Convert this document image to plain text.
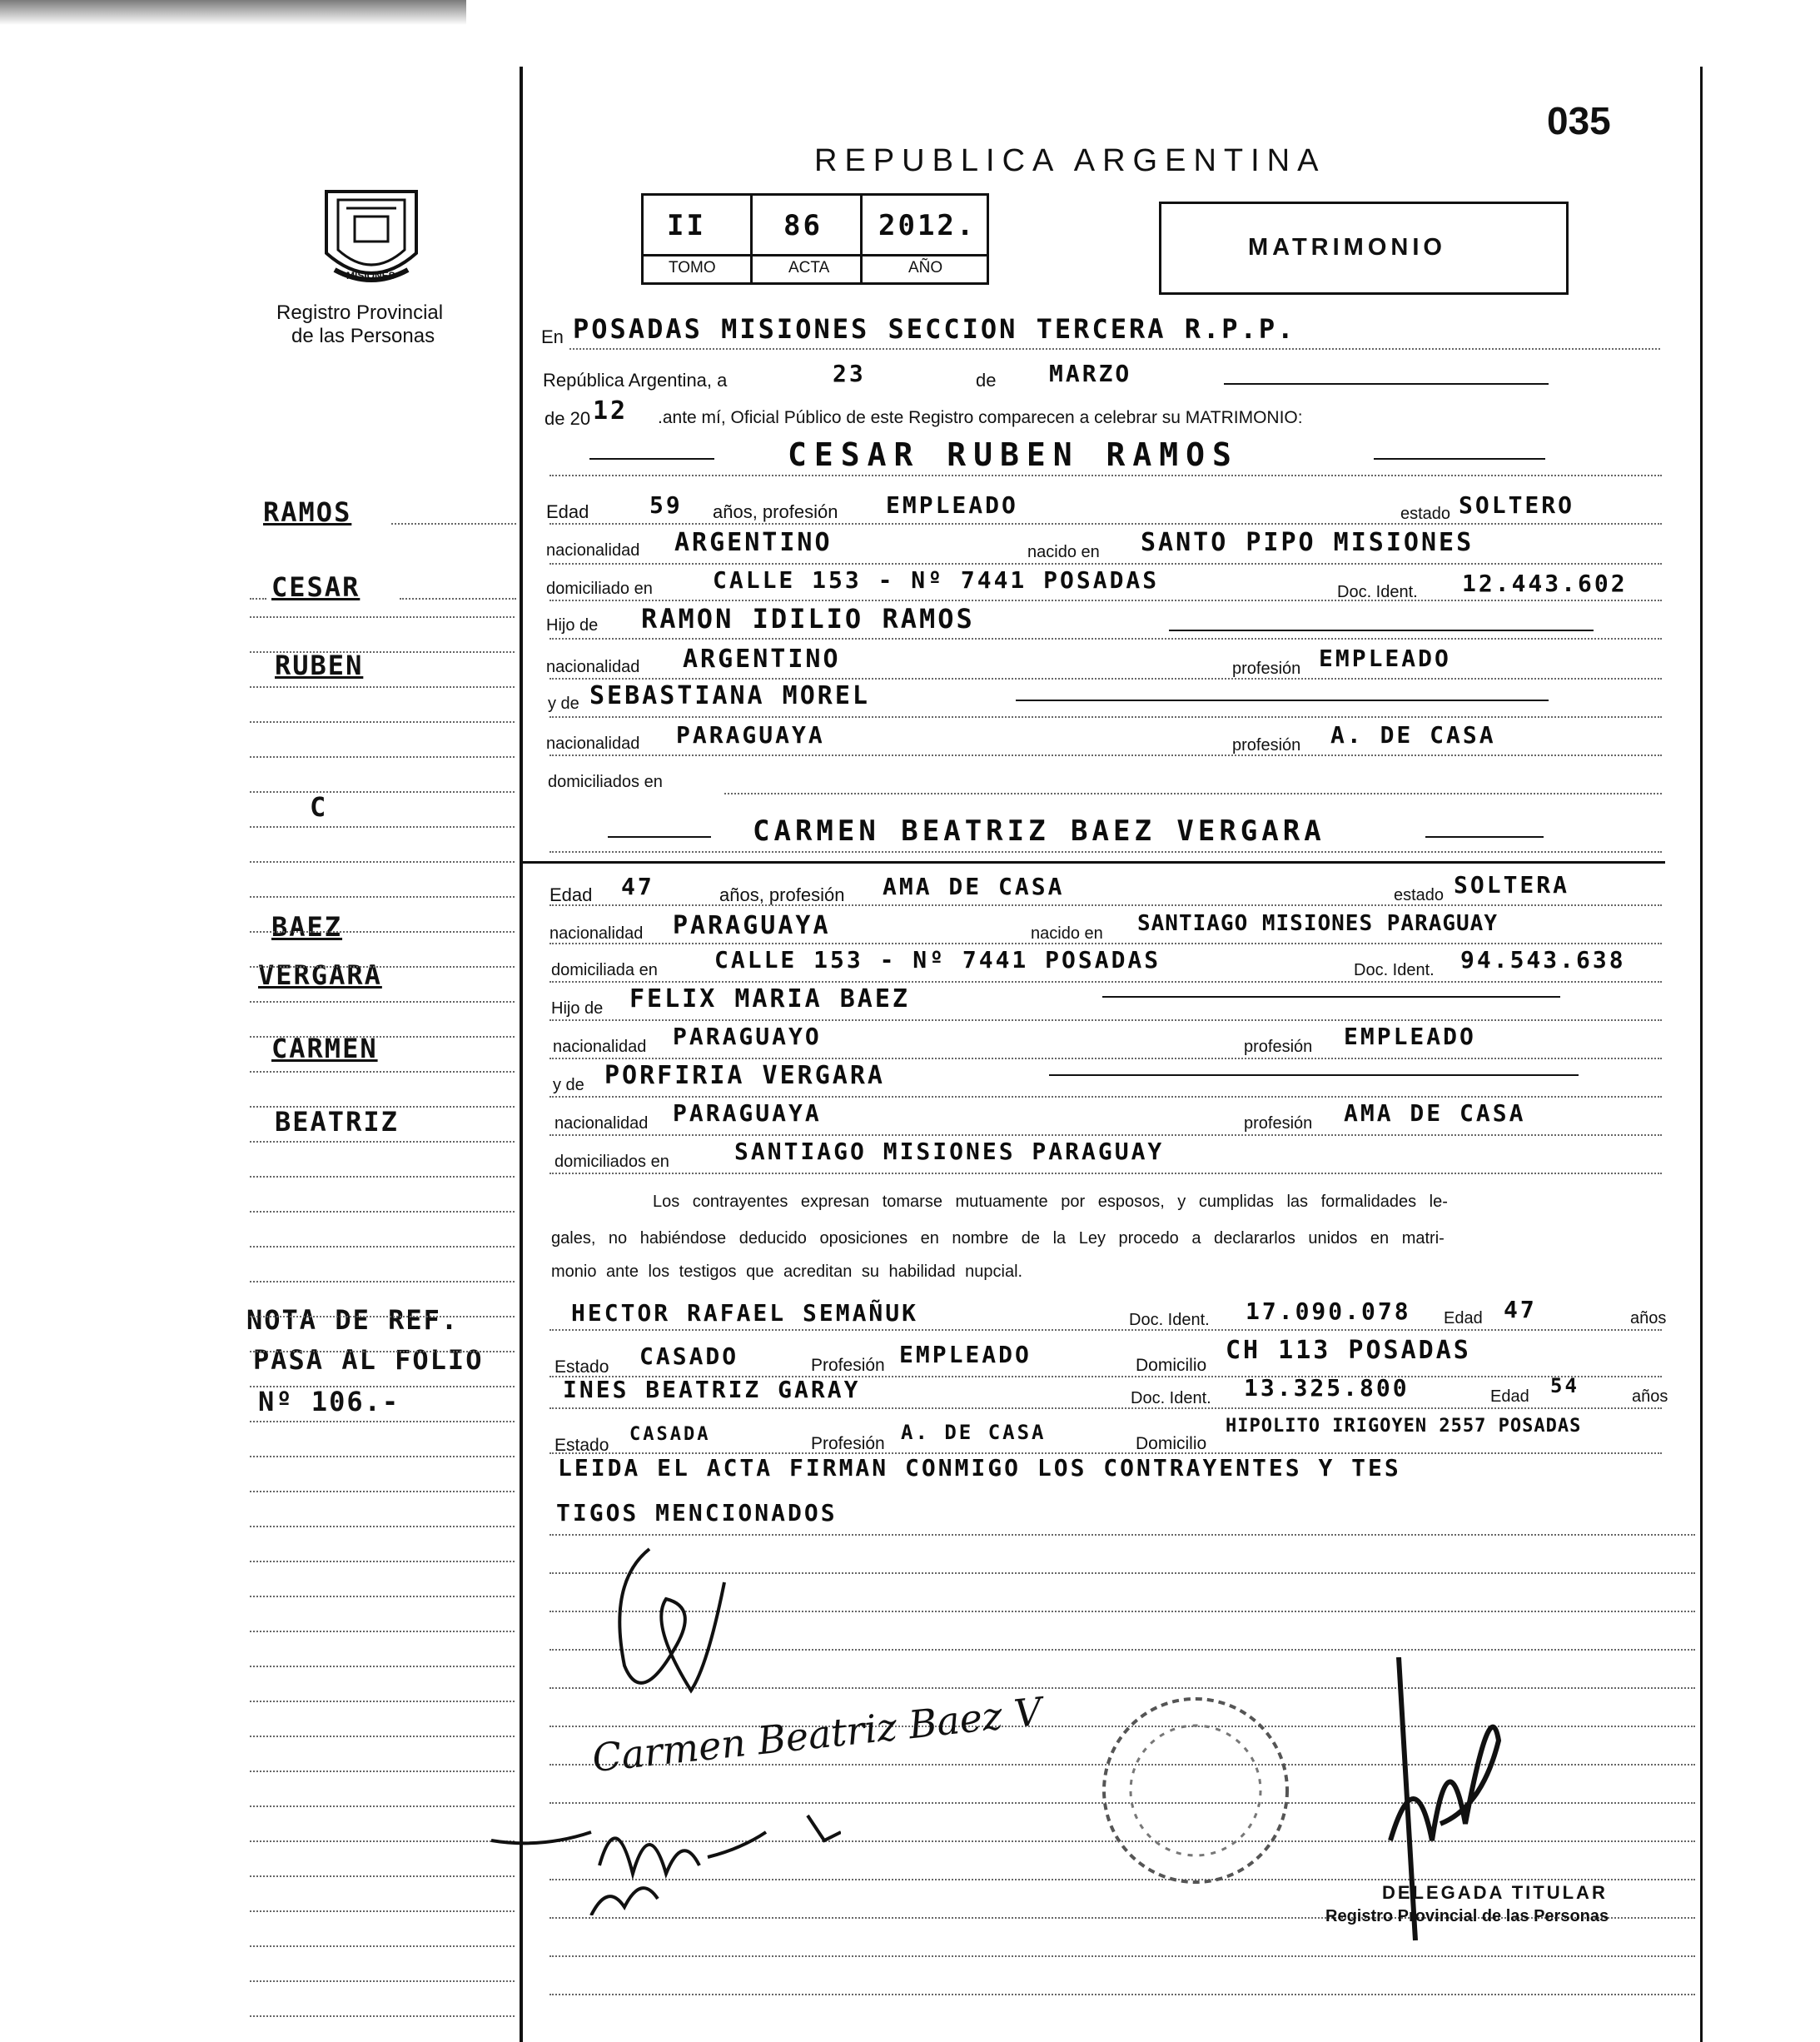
035
REPUBLICA ARGENTINA
II	86 2012.
TOMO	ACTA	AÑO
MATRIMONIO
MISIONES
Registro Provincial
de las Personas
RAMOS
CESAR
RUBEN
C
BAEZ
VERGARA
CARMEN
BEATRIZ
NOTA DE REF.
PASA AL FOLIO
Nº 106.-
En POSADAS MISIONES SECCION TERCERA R.P.P.
República Argentina, a	23	de MARZO
de 20 12 .ante mí, Oficial Público de este Registro comparecen a celebrar su MATRIMONIO:
CESAR RUBEN RAMOS
Edad	59 años, profesión EMPLEADO	estado SOLTERO
nacionalidad ARGENTINO	nacido en SANTO PIPO MISIONES
domiciliado en	CALLE 153 - Nº 7441 POSADAS	Doc. Ident. 12.443.602
Hijo de RAMON IDILIO RAMOS
nacionalidad ARGENTINO	profesión EMPLEADO
y de SEBASTIANA MOREL
nacionalidad PARAGUAYA	profesión A. DE CASA
domiciliados en
CARMEN BEATRIZ BAEZ VERGARA
Edad 47	años, profesión AMA DE CASA	estado SOLTERA
nacionalidad PARAGUAYA	nacido en SANTIAGO MISIONES PARAGUAY
domiciliada en CALLE 153 - Nº 7441 POSADAS	Doc. Ident. 94.543.638
Hijo de FELIX MARIA BAEZ
nacionalidad PARAGUAYO	profesión EMPLEADO
y de PORFIRIA VERGARA
nacionalidad PARAGUAYA	profesión AMA DE CASA
domiciliados en	SANTIAGO MISIONES PARAGUAY
Los contrayentes expresan tomarse mutuamente por esposos, y cumplidas las formalidades le-
gales, no habiéndose deducido oposiciones en nombre de la Ley procedo a declararlos unidos en matri-
monio ante los testigos que acreditan su habilidad nupcial.
HECTOR RAFAEL SEMAÑUK	Doc. Ident. 17.090.078 Edad 47	años
Estado CASADO	Profesión EMPLEADO	Domicilio
CH 113 POSADAS
INES BEATRIZ GARAY	Doc. Ident. 13.325.800	Edad 54	años
Estado
CASADA	Profesión A. DE CASA	Domicilio
HIPOLITO IRIGOYEN 2557 POSADAS
LEIDA EL ACTA FIRMAN CONMIGO LOS CONTRAYENTES Y TES
TIGOS MENCIONADOS
Carmen Beatriz Baez V
DELEGADA TITULAR
Registro Provincial de las Personas
